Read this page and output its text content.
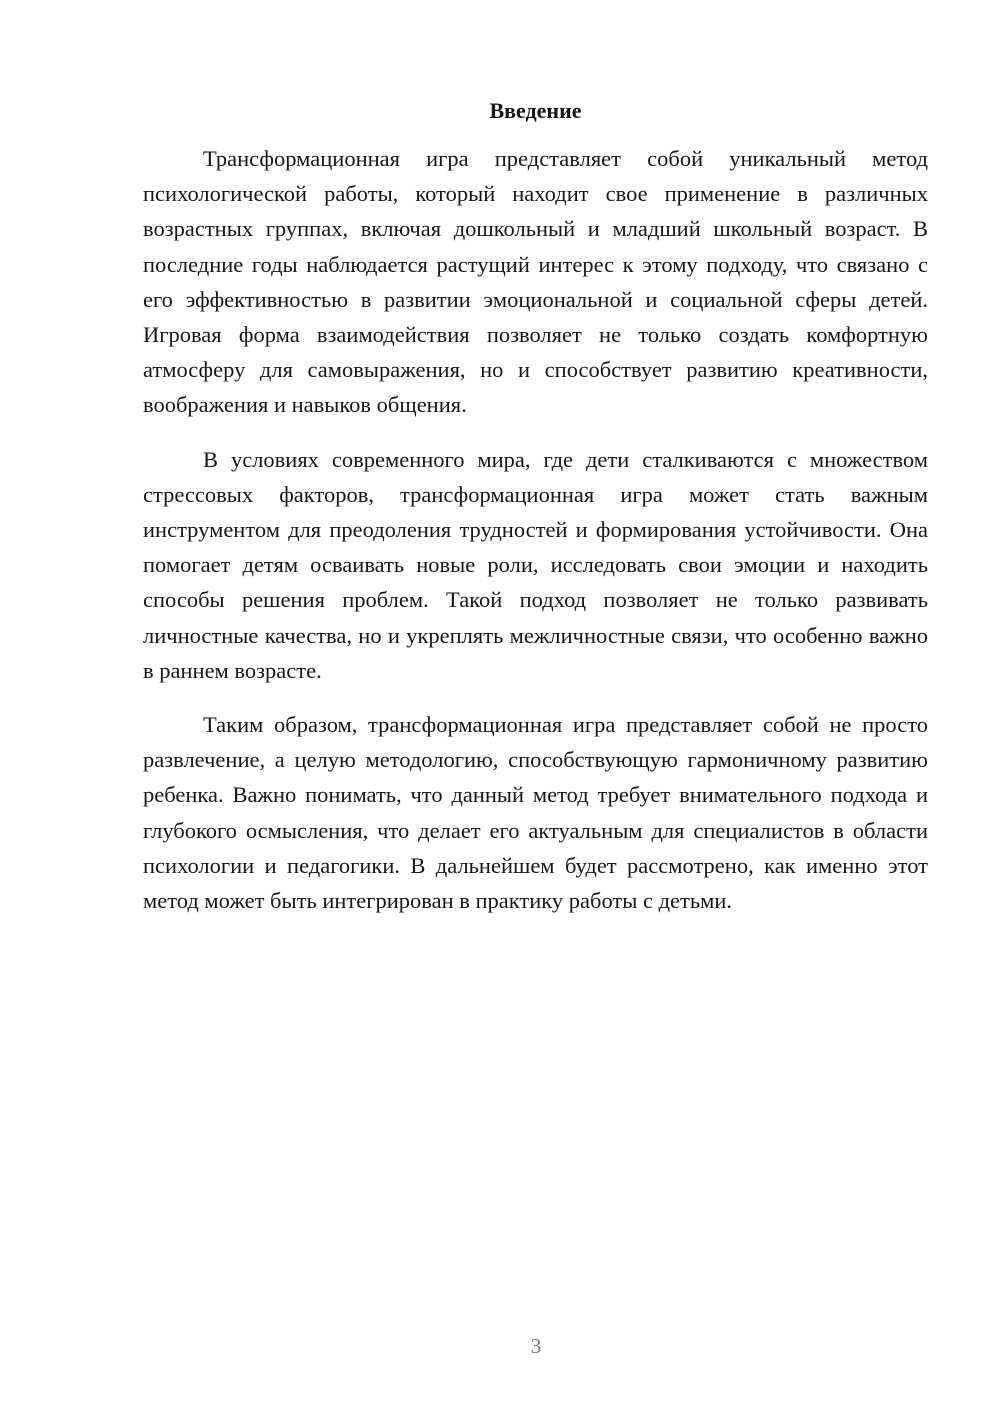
Введение

Трансформационная игра представляет собой уникальный метод психологической работы, который находит свое применение в различных возрастных группах, включая дошкольный и младший школьный возраст. В последние годы наблюдается растущий интерес к этому подходу, что связано с его эффективностью в развитии эмоциональной и социальной сферы детей. Игровая форма взаимодействия позволяет не только создать комфортную атмосферу для самовыражения, но и способствует развитию креативности, воображения и навыков общения.

В условиях современного мира, где дети сталкиваются с множеством стрессовых факторов, трансформационная игра может стать важным инструментом для преодоления трудностей и формирования устойчивости. Она помогает детям осваивать новые роли, исследовать свои эмоции и находить способы решения проблем. Такой подход позволяет не только развивать личностные качества, но и укреплять межличностные связи, что особенно важно в раннем возрасте.

Таким образом, трансформационная игра представляет собой не просто развлечение, а целую методологию, способствующую гармоничному развитию ребенка. Важно понимать, что данный метод требует внимательного подхода и глубокого осмысления, что делает его актуальным для специалистов в области психологии и педагогики. В дальнейшем будет рассмотрено, как именно этот метод может быть интегрирован в практику работы с детьми.

3
